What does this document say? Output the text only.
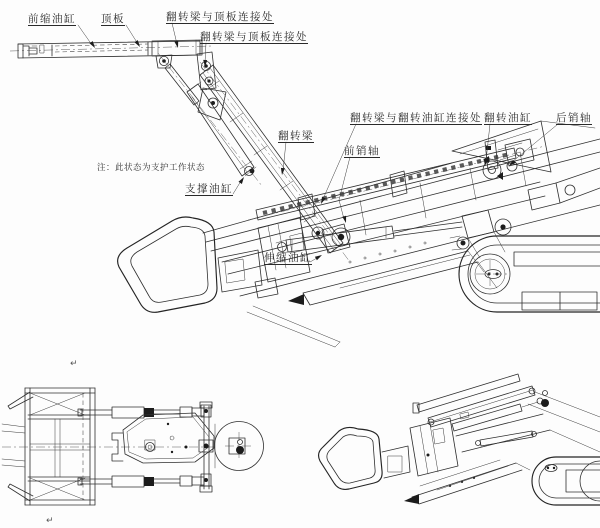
前缩油缸 顶板	翻转梁与顶板连接处
翻转梁与顶板连接处
翻转梁与翻转油缸连接处 翻转油缸 后销轴
翻转梁
前销轴
支撑油缸
伸缩油缸
注：此状态为支护工作状态
↵
↵
